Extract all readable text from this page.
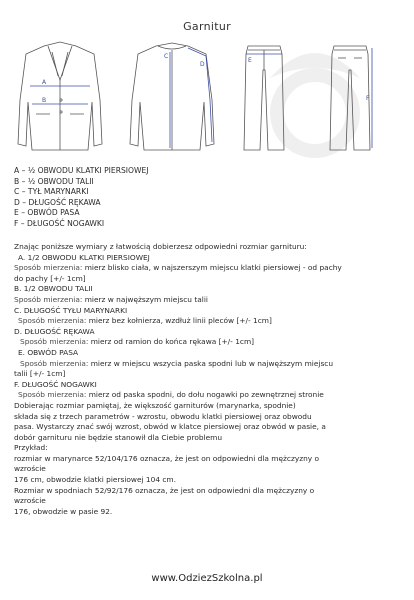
Garnitur
A
B
C
D
E
F
A – ½ OBWODU KLATKI PIERSIOWEJ
B – ½ OBWODU TALII
C – TYŁ MARYNARKI
D – DŁUGOŚĆ RĘKAWA
E – OBWÓD PASA
F – DŁUGOŚĆ NOGAWKI
Znając poniższe wymiary z łatwością dobierzesz odpowiedni rozmiar garnituru:
A. 1/2 OBWODU KLATKI PIERSIOWEJ
Sposób mierzenia: mierz blisko ciała, w najszerszym miejscu klatki piersiowej - od pachy
do pachy [+/- 1cm]
B. 1/2 OBWODU TALII
Sposób mierzenia: mierz w najwęższym miejscu talii
C. DŁUGOŚĆ TYŁU MARYNARKI
Sposób mierzenia: mierz bez kołnierza, wzdłuż linii pleców [+/- 1cm]
D. DŁUGOŚĆ RĘKAWA
Sposób mierzenia: mierz od ramion do końca rękawa [+/- 1cm]
E. OBWÓD PASA
Sposób mierzenia: mierz w miejscu wszycia paska spodni lub w najwęższym miejscu
talii [+/- 1cm]
F. DŁUGOŚĆ NOGAWKI
Sposób mierzenia: mierz od paska spodni, do dołu nogawki po zewnętrznej stronie
Dobierając rozmiar pamiętaj, że większość garniturów (marynarka, spodnie)
składa się z trzech parametrów - wzrostu, obwodu klatki piersiowej oraz obwodu
pasa. Wystarczy znać swój wzrost, obwód w klatce piersiowej oraz obwód w pasie, a
dobór garnituru nie będzie stanowił dla Ciebie problemu
Przykład:
rozmiar w marynarce 52/104/176 oznacza, że jest on odpowiedni dla mężczyzny o
wzroście
176 cm, obwodzie klatki piersiowej 104 cm.
Rozmiar w spodniach 52/92/176 oznacza, że jest on odpowiedni dla mężczyzny o
wzroście
176, obwodzie w pasie 92.
www.OdziezSzkolna.pl
